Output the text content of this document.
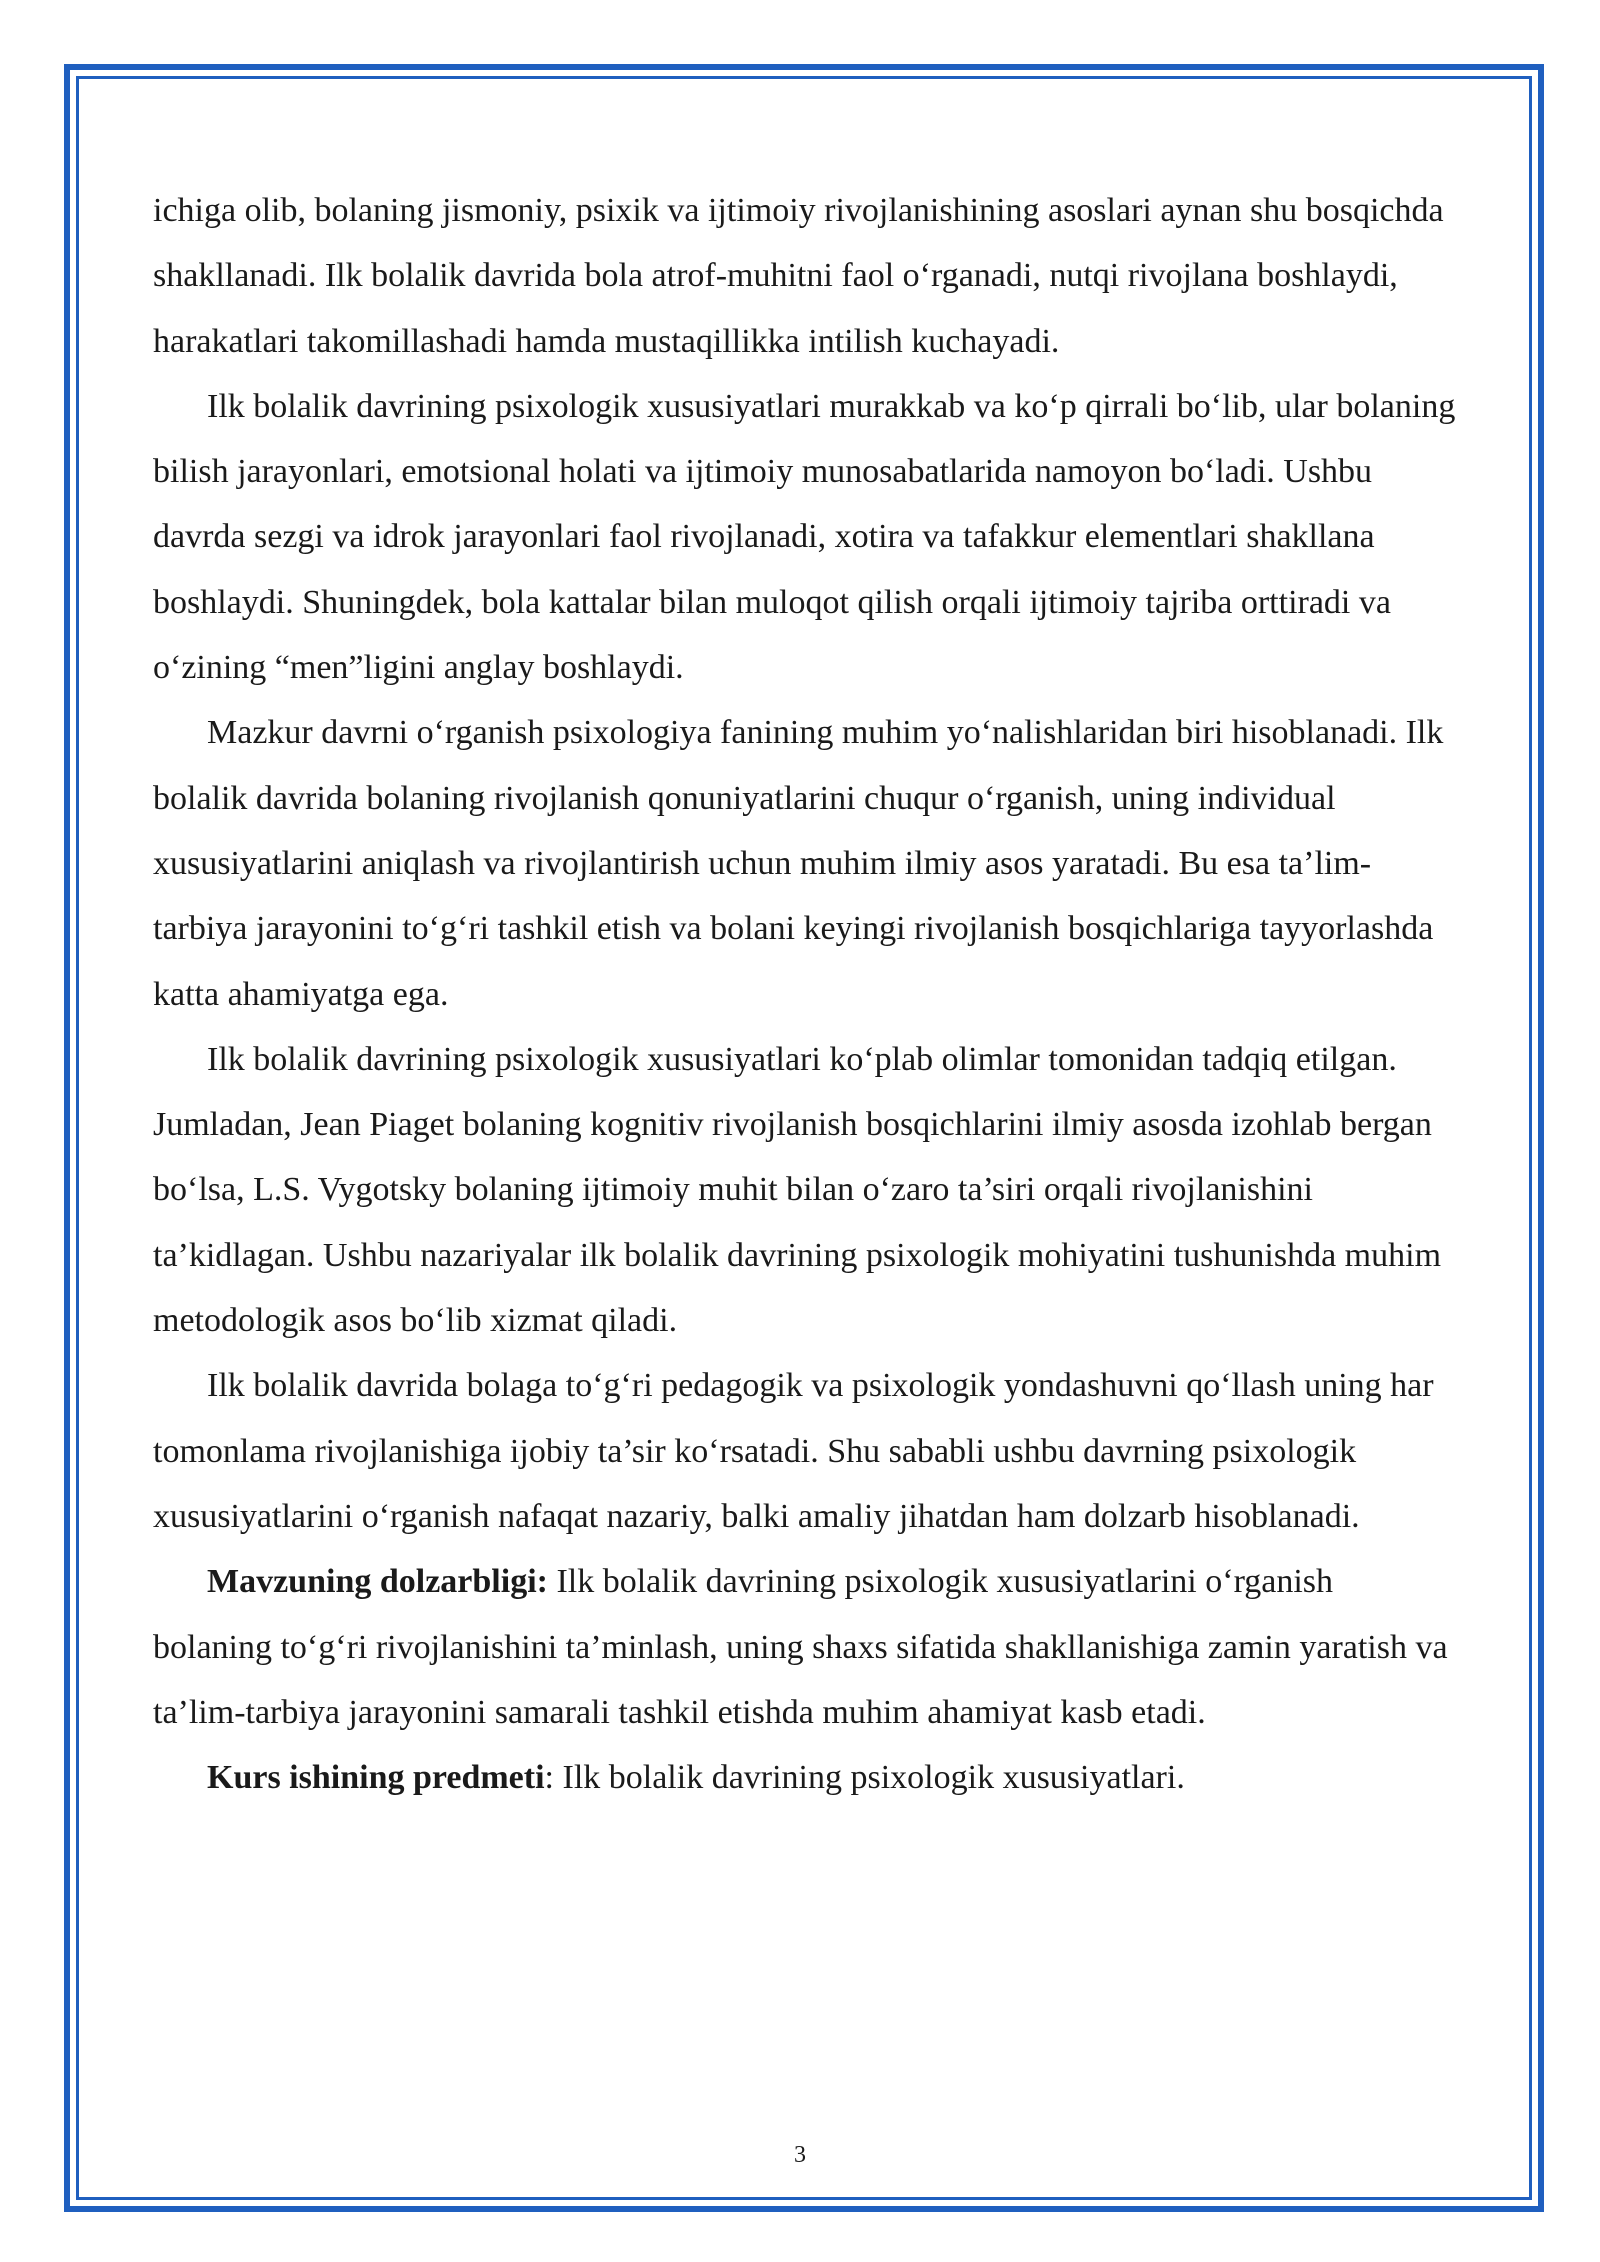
ichiga olib, bolaning jismoniy, psixik va ijtimoiy rivojlanishining asoslari aynan shu bosqichda shakllanadi. Ilk bolalik davrida bola atrof-muhitni faol o‘rganadi, nutqi rivojlana boshlaydi, harakatlari takomillashadi hamda mustaqillikka intilish kuchayadi.

Ilk bolalik davrining psixologik xususiyatlari murakkab va ko‘p qirrali bo‘lib, ular bolaning bilish jarayonlari, emotsional holati va ijtimoiy munosabatlarida namoyon bo‘ladi. Ushbu davrda sezgi va idrok jarayonlari faol rivojlanadi, xotira va tafakkur elementlari shakllana boshlaydi. Shuningdek, bola kattalar bilan muloqot qilish orqali ijtimoiy tajriba orttiradi va o‘zining “men”ligini anglay boshlaydi.

Mazkur davrni o‘rganish psixologiya fanining muhim yo‘nalishlaridan biri hisoblanadi. Ilk bolalik davrida bolaning rivojlanish qonuniyatlarini chuqur o‘rganish, uning individual xususiyatlarini aniqlash va rivojlantirish uchun muhim ilmiy asos yaratadi. Bu esa ta’lim-tarbiya jarayonini to‘g‘ri tashkil etish va bolani keyingi rivojlanish bosqichlariga tayyorlashda katta ahamiyatga ega.

Ilk bolalik davrining psixologik xususiyatlari ko‘plab olimlar tomonidan tadqiq etilgan. Jumladan, Jean Piaget bolaning kognitiv rivojlanish bosqichlarini ilmiy asosda izohlab bergan bo‘lsa, L.S. Vygotsky bolaning ijtimoiy muhit bilan o‘zaro ta’siri orqali rivojlanishini ta’kidlagan. Ushbu nazariyalar ilk bolalik davrining psixologik mohiyatini tushunishda muhim metodologik asos bo‘lib xizmat qiladi.

Ilk bolalik davrida bolaga to‘g‘ri pedagogik va psixologik yondashuvni qo‘llash uning har tomonlama rivojlanishiga ijobiy ta’sir ko‘rsatadi. Shu sababli ushbu davrning psixologik xususiyatlarini o‘rganish nafaqat nazariy, balki amaliy jihatdan ham dolzarb hisoblanadi.

Mavzuning dolzarbligi: Ilk bolalik davrining psixologik xususiyatlarini o‘rganish bolaning to‘g‘ri rivojlanishini ta’minlash, uning shaxs sifatida shakllanishiga zamin yaratish va ta’lim-tarbiya jarayonini samarali tashkil etishda muhim ahamiyat kasb etadi.

Kurs ishining predmeti: Ilk bolalik davrining psixologik xususiyatlari.

3
